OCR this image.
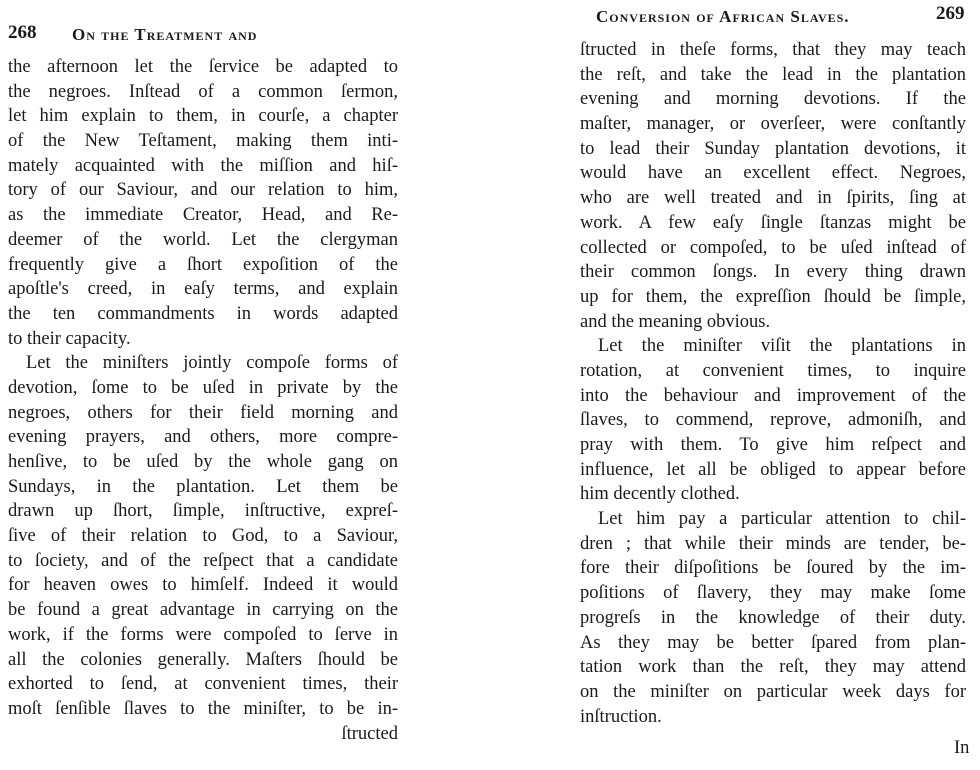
268 On the Treatment and
the afternoon let the ſervice be adapted to
the negroes. Inſtead of a common ſermon,
let him explain to them, in courſe, a chapter
of the New Teſtament, making them inti-
mately acquainted with the miſſion and hiſ-
tory of our Saviour, and our relation to him,
as the immediate Creator, Head, and Re-
deemer of the world. Let the clergyman
frequently give a ſhort expoſition of the
apoſtle's creed, in eaſy terms, and explain
the ten commandments in words adapted
to their capacity.
Let the miniſters jointly compoſe forms of
devotion, ſome to be uſed in private by the
negroes, others for their field morning and
evening prayers, and others, more compre-
henſive, to be uſed by the whole gang on
Sundays, in the plantation. Let them be
drawn up ſhort, ſimple, inſtructive, expreſ-
ſive of their relation to God, to a Saviour,
to ſociety, and of the reſpect that a candidate
for heaven owes to himſelf. Indeed it would
be found a great advantage in carrying on the
work, if the forms were compoſed to ſerve in
all the colonies generally. Maſters ſhould be
exhorted to ſend, at convenient times, their
moſt ſenſible ſlaves to the miniſter, to be in-
ſtructed
Conversion of African Slaves.	269
ſtructed in theſe forms, that they may teach
the reſt, and take the lead in the plantation
evening and morning devotions. If the
maſter, manager, or overſeer, were conſtantly
to lead their Sunday plantation devotions, it
would have an excellent effect. Negroes,
who are well treated and in ſpirits, ſing at
work. A few eaſy ſingle ſtanzas might be
collected or compoſed, to be uſed inſtead of
their common ſongs. In every thing drawn
up for them, the expreſſion ſhould be ſimple,
and the meaning obvious.
Let the miniſter viſit the plantations in
rotation, at convenient times, to inquire
into the behaviour and improvement of the
ſlaves, to commend, reprove, admoniſh, and
pray with them. To give him reſpect and
influence, let all be obliged to appear before
him decently clothed.
Let him pay a particular attention to chil-
dren ; that while their minds are tender, be-
fore their diſpoſitions be ſoured by the im-
poſitions of ſlavery, they may make ſome
progreſs in the knowledge of their duty.
As they may be better ſpared from plan-
tation work than the reſt, they may attend
on the miniſter on particular week days for
inſtruction.
In
